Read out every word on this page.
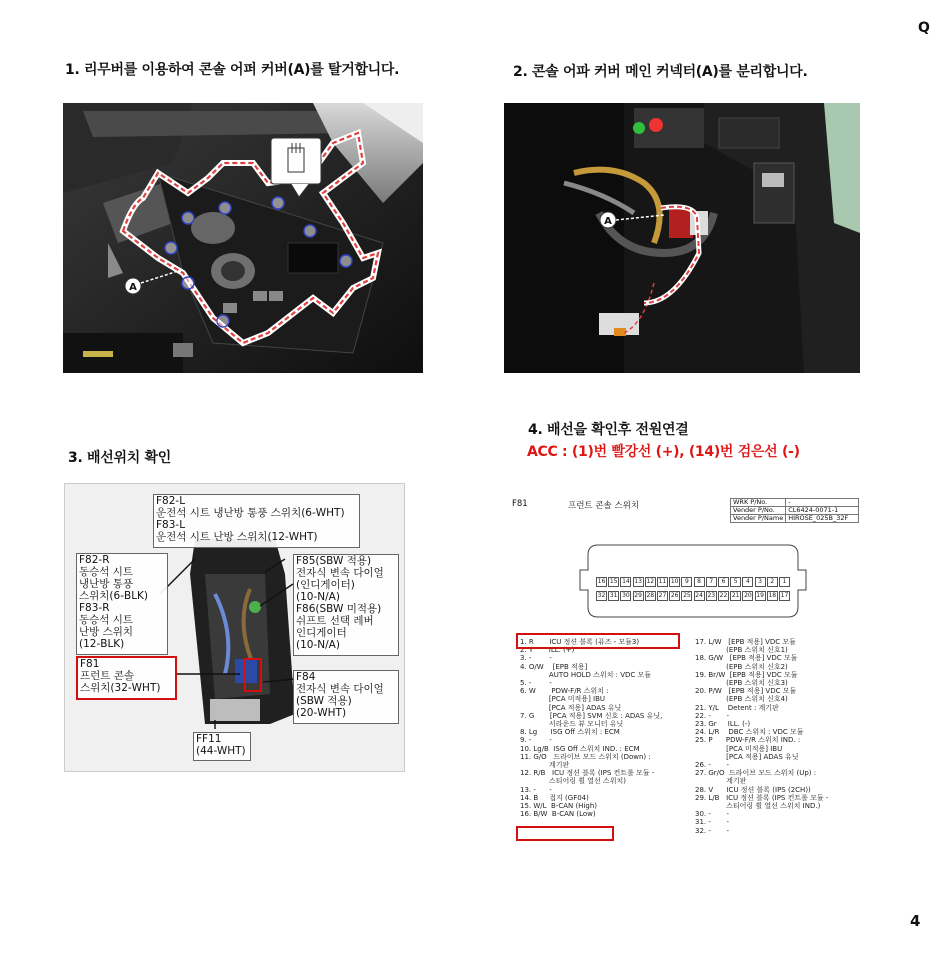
Q
4
1. 리무버를 이용하여 콘솔 어퍼 커버(A)를 탈거합니다.
A
2. 콘솔 어파 커버 메인 커넥터(A)를 분리합니다.
A
3. 배선위치 확인
F82-L
운전석 시트 냉난방 통풍 스위치(6-WHT)
F83-L
운전석 시트 난방 스위치(12-WHT)
F82-R
동승석 시트
냉난방 통풍
스위치(6-BLK)
F83-R
동승석 시트
난방 스위치
(12-BLK)
F85(SBW 적용)
전자식 변속 다이얼
(인디게이터)
(10-N/A)
F86(SBW 미적용)
쉬프트 선택 레버
인디게이터
(10-N/A)
F81
프런트 콘솔
스위치(32-WHT)
F84
전자식 변속 다이얼
(SBW 적용)
(20-WHT)
FF11
(44-WHT)
4. 배선을 확인후 전원연결
ACC : (1)번 빨강선 (+), (14)번 검은선 (-)
F81	프런트 콘솔 스위치	WRK P/No.	-
Vender P/No.	CL6424-0071-1
Vender P/Name	HIROSE_025B_32F
16 15 14 13 12 11 10	9	8	7	6	5	4	3	2	1
32 31 30 29 28 27 26 25 24 23 22 21 20 19 18 17
1. R       ICU 정션 블록 (퓨즈 - 모듈3)
2. Y       ILL. (+)
3. -        -
4. O/W    [EPB 적용]
AUTO HOLD 스위치 : VDC 모듈
5. -        -
6. W       PDW-F/R 스위치 :
[PCA 미적용] IBU
[PCA 적용] ADAS 유닛
7. G       [PCA 적용] SVM 신호 : ADAS 유닛,
서라운드 뷰 모니터 유닛
8. Lg      ISG Off 스위치 : ECM
9. -        -
10. Lg/B  ISG Off 스위치 IND. : ECM
11. G/O   드라이브 모드 스위치 (Down) :
계기판
12. R/B   ICU 정션 블록 (IPS 컨트롤 모듈 -
스티어링 휠 열선 스위치)
13. -      -
14. B     접지 (GF04)
15. W/L  B-CAN (High)
16. B/W  B-CAN (Low)
17. L/W   [EPB 적용] VDC 모듈
(EPB 스위치 신호1)
18. G/W   [EPB 적용] VDC 모듈
(EPB 스위치 신호2)
19. Br/W  [EPB 적용] VDC 모듈
(EPB 스위치 신호3)
20. P/W   [EPB 적용] VDC 모듈
(EPB 스위치 신호4)
21. Y/L    Detent : 계기판
22. -       -
23. Gr     ILL. (-)
24. L/R    DBC 스위치 : VDC 모듈
25. P      PDW-F/R 스위치 IND. :
[PCA 미적용] IBU
[PCA 적용] ADAS 유닛
26. -       -
27. Gr/O  드라이브 모드 스위치 (Up) :
계기판
28. V      ICU 정션 블록 (IPS (2CH))
29. L/B   ICU 정션 블록 (IPS 컨트롤 모듈 -
스티어링 휠 열선 스위치 IND.)
30. -       -
31. -       -
32. -       -
